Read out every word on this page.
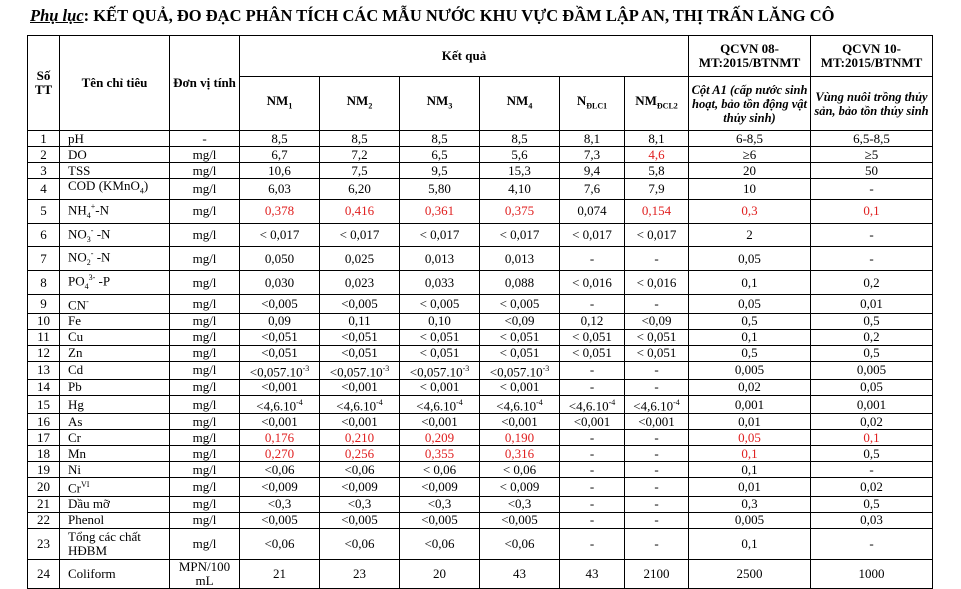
Phụ lục: KẾT QUẢ, ĐO ĐẠC PHÂN TÍCH CÁC MẪU NƯỚC KHU VỰC ĐẦM LẬP AN, THỊ TRẤN LĂNG CÔ
Số TT	Tên chỉ tiêu	Đơn vị tính	Kết quả						QCVN 08-MT:2015/BTNMT	QCVN 10-MT:2015/BTNMT
			$NM_1$	$NM_2$	$NM_3$	$NM_4$	$N_{ĐLC1}$	$NM_{ĐCL2}$	Cột A1 (cấp nước sinh hoạt, bảo tồn động vật thủy sinh)	Vùng nuôi trồng thủy sản, bảo tồn thủy sinh
1	pH	-	8,5	8,5	8,5	8,5	8,1	8,1	6-8,5	6,5-8,5
2	DO	mg/l	6,7	7,2	6,5	5,6	7,3	4,6	≥6	≥5
3	TSS	mg/l	10,6	7,5	9,5	15,3	9,4	5,8	20	50
4	COD (KMnO$_4$)	mg/l	6,03	6,20	5,80	4,10	7,6	7,9	10	-
5	$NH_4^+-N$	mg/l	0,378	0,416	0,361	0,375	0,074	0,154	0,3	0,1
6	$NO_3^-$ -N	mg/l	< 0,017	< 0,017	< 0,017	< 0,017	< 0,017	< 0,017	2	-
7	$NO_2^-$ -N	mg/l	0,050	0,025	0,013	0,013	-	-	0,05	-
8	$PO_4^{3-}$ -P	mg/l	0,030	0,023	0,033	0,088	< 0,016	< 0,016	0,1	0,2
9	CN-	mg/l	<0,005	<0,005	< 0,005	< 0,005	-	-	0,05	0,01
10	Fe	mg/l	0,09	0,11	0,10	<0,09	0,12	<0,09	0,5	0,5
11	Cu	mg/l	<0,051	<0,051	< 0,051	< 0,051	< 0,051	< 0,051	0,1	0,2
12	Zn	mg/l	<0,051	<0,051	< 0,051	< 0,051	< 0,051	< 0,051	0,5	0,5
13	Cd	mg/l	$<0,057.10^{-3}$	$<0,057.10^{-3}$	$<0,057.10^{-3}$	$<0,057.10^{-3}$	-	-	0,005	0,005
14	Pb	mg/l	<0,001	<0,001	< 0,001	< 0,001	-	-	0,02	0,05
15	Hg	mg/l	$<4,6.10^{-4}$	$<4,6.10^{-4}$	$<4,6.10^{-4}$	$<4,6.10^{-4}$	$<4,6.10^{-4}$	$<4,6.10^{-4}$	0,001	0,001
16	As	mg/l	<0,001	<0,001	<0,001	<0,001	<0,001	<0,001	0,01	0,02
17	Cr	mg/l	0,176	0,210	0,209	0,190	-	-	0,05	0,1
18	Mn	mg/l	0,270	0,256	0,355	0,316	-	-	0,1	0,5
19	Ni	mg/l	<0,06	<0,06	< 0,06	< 0,06	-	-	0,1	-
20	$Cr^{VI}$	mg/l	<0,009	<0,009	<0,009	< 0,009	-	-	0,01	0,02
21	Dầu mỡ	mg/l	<0,3	<0,3	<0,3	<0,3	-	-	0,3	0,5
22	Phenol	mg/l	<0,005	<0,005	<0,005	<0,005	-	-	0,005	0,03
23	Tổng các chất HĐBM	mg/l	<0,06	<0,06	<0,06	<0,06	-	-	0,1	-
24	Coliform	MPN/100 mL	21	23	20	43	43	2100	2500	1000
